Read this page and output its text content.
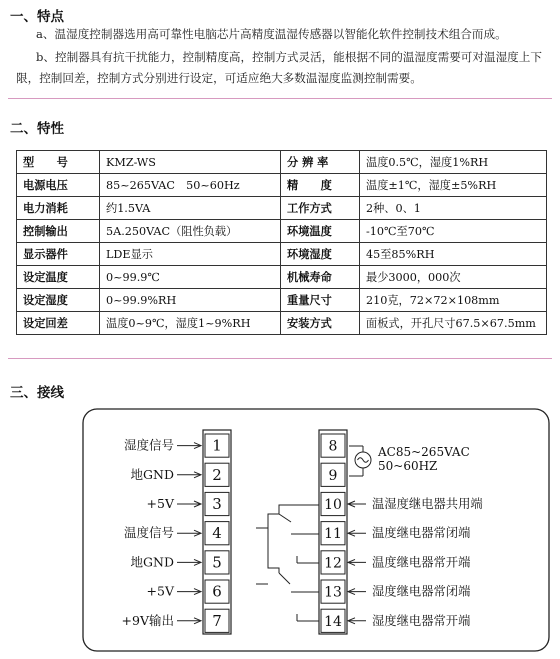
一、特点

a、温湿度控制器选用高可靠性电脑芯片高精度温湿传感器以智能化软件控制技术组合而成。

b、控制器具有抗干扰能力，控制精度高，控制方式灵活，能根据不同的温湿度需要可对温湿度上下限，控制回差，控制方式分别进行设定，可适应绝大多数温湿度监测控制需要。

二、特性
型　　号	KMZ-WS	分 辨 率	温度0.5℃，湿度1%RH
电源电压	85~265VAC　50~60Hz	精　　度	温度±1℃，湿度±5%RH
电力消耗	约1.5VA	工作方式	2种、0、1
控制输出	5A.250VAC（阻性负载）	环境温度	-10℃至70℃
显示器件	LDE显示	环境湿度	45至85%RH
设定温度	0~99.9℃	机械寿命	最少3000，000次
设定湿度	0~99.9%RH	重量尺寸	210克，72×72×108mm
设定回差	温度0~9℃，湿度1~9%RH	安装方式	面板式，开孔尺寸67.5×67.5mm
三、接线
1
湿度信号
2
地GND
3
+5V
4
温度信号
5
地GND
6
+5V
7
+9V输出
8
9
10 温湿度继电器共用端
11 温度继电器常闭端
12 温度继电器常开端
13 湿度继电器常闭端
14 湿度继电器常开端
AC85~265VAC
50~60HZ
